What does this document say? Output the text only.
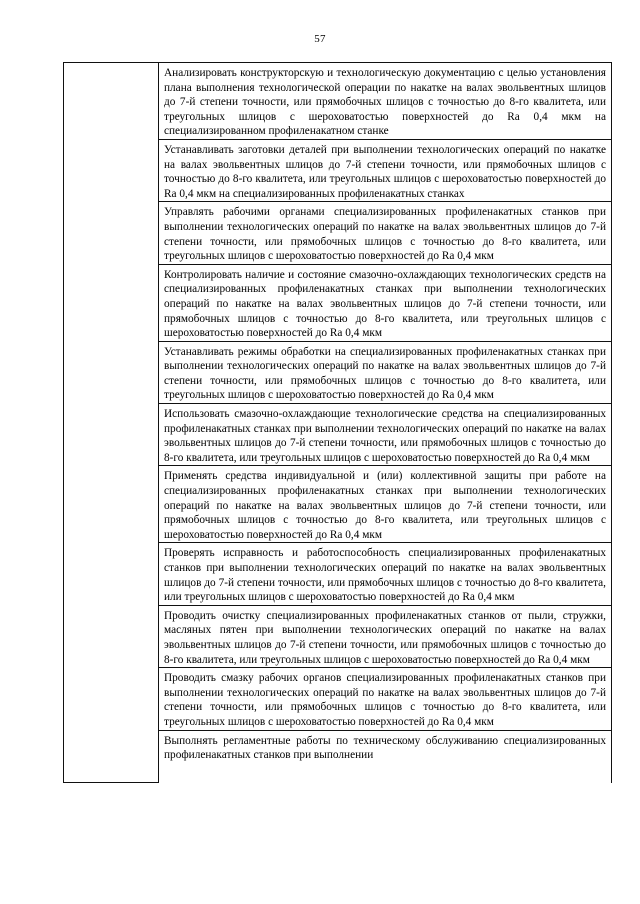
57

Анализировать конструкторскую и технологическую документацию с целью установления плана выполнения технологической операции по накатке на валах эвольвентных шлицов до 7-й степени точности, или прямобочных шлицов с точностью до 8-го квалитета, или треугольных шлицов с шероховатостью поверхностей до Ra 0,4 мкм на специализированном профиленакатном станке

Устанавливать заготовки деталей при выполнении технологических операций по накатке на валах эвольвентных шлицов до 7-й степени точности, или прямобочных шлицов с точностью до 8-го квалитета, или треугольных шлицов с шероховатостью поверхностей до Ra 0,4 мкм на специализированных профиленакатных станках

Управлять рабочими органами специализированных профиленакатных станков при выполнении технологических операций по накатке на валах эвольвентных шлицов до 7-й степени точности, или прямобочных шлицов с точностью до 8-го квалитета, или треугольных шлицов с шероховатостью поверхностей до Ra 0,4 мкм

Контролировать наличие и состояние смазочно-охлаждающих технологических средств на специализированных профиленакатных станках при выполнении технологических операций по накатке на валах эвольвентных шлицов до 7-й степени точности, или прямобочных шлицов с точностью до 8-го квалитета, или треугольных шлицов с шероховатостью поверхностей до Ra 0,4 мкм

Устанавливать режимы обработки на специализированных профиленакатных станках при выполнении технологических операций по накатке на валах эвольвентных шлицов до 7-й степени точности, или прямобочных шлицов с точностью до 8-го квалитета, или треугольных шлицов с шероховатостью поверхностей до Ra 0,4 мкм

Использовать смазочно-охлаждающие технологические средства на специализированных профиленакатных станках при выполнении технологических операций по накатке на валах эвольвентных шлицов до 7-й степени точности, или прямобочных шлицов с точностью до 8-го квалитета, или треугольных шлицов с шероховатостью поверхностей до Ra 0,4 мкм

Применять средства индивидуальной и (или) коллективной защиты при работе на специализированных профиленакатных станках при выполнении технологических операций по накатке на валах эвольвентных шлицов до 7-й степени точности, или прямобочных шлицов с точностью до 8-го квалитета, или треугольных шлицов с шероховатостью поверхностей до Ra 0,4 мкм

Проверять исправность и работоспособность специализированных профиленакатных станков при выполнении технологических операций по накатке на валах эвольвентных шлицов до 7-й степени точности, или прямобочных шлицов с точностью до 8-го квалитета, или треугольных шлицов с шероховатостью поверхностей до Ra 0,4 мкм

Проводить очистку специализированных профиленакатных станков от пыли, стружки, масляных пятен при выполнении технологических операций по накатке на валах эвольвентных шлицов до 7-й степени точности, или прямобочных шлицов с точностью до 8-го квалитета, или треугольных шлицов с шероховатостью поверхностей до Ra 0,4 мкм

Проводить смазку рабочих органов специализированных профиленакатных станков при выполнении технологических операций по накатке на валах эвольвентных шлицов до 7-й степени точности, или прямобочных шлицов с точностью до 8-го квалитета, или треугольных шлицов с шероховатостью поверхностей до Ra 0,4 мкм

Выполнять регламентные работы по техническому обслуживанию специализированных профиленакатных станков при выполнении
